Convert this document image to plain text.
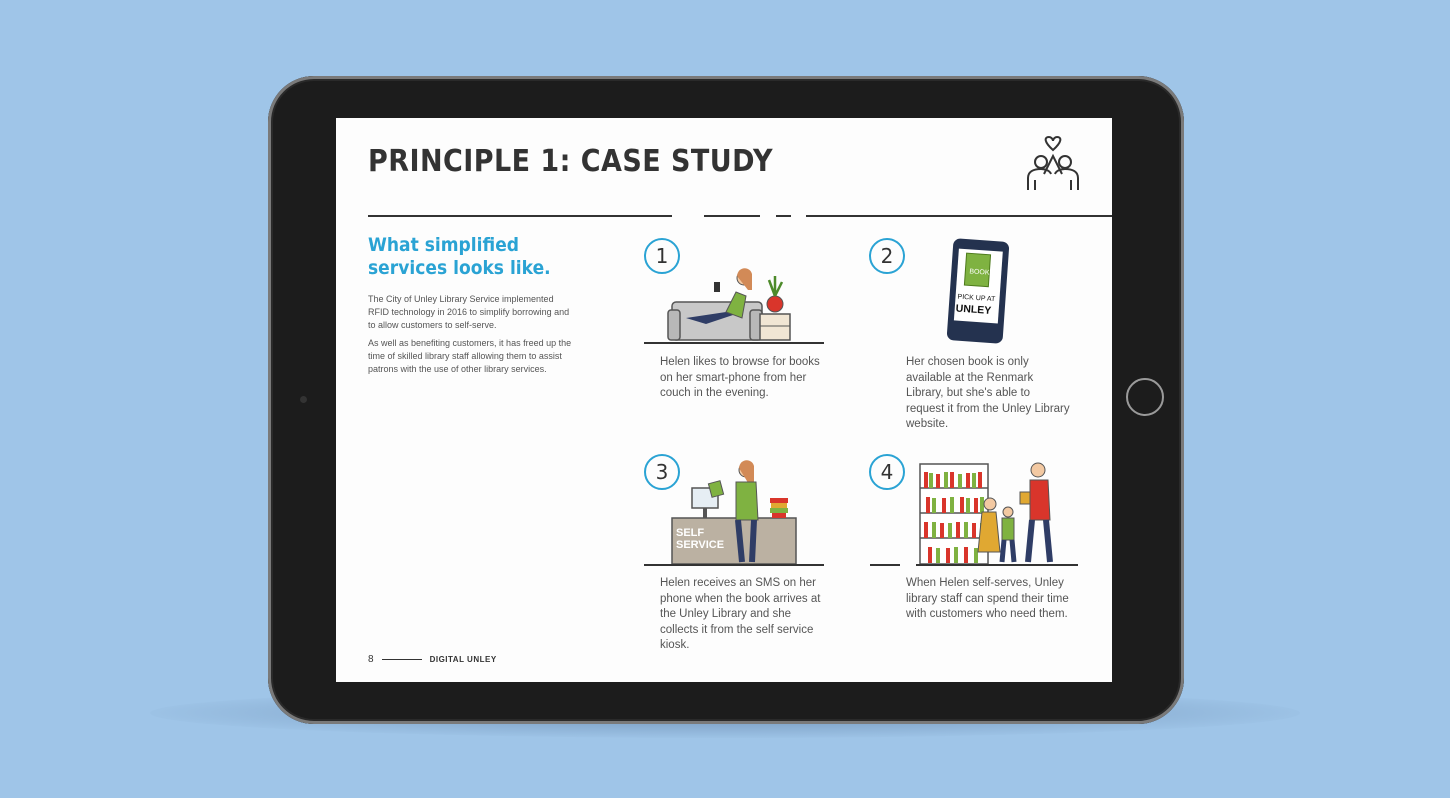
PRINCIPLE 1: CASE STUDY
What simplified
services looks like.

The City of Unley Library Service implemented RFID technology in 2016 to simplify borrowing and to allow customers to self-serve.

As well as benefiting customers, it has freed up the time of skilled library staff allowing them to assist patrons with the use of other library services.

1
Helen likes to browse for books on her smart-phone from her couch in the evening.
2
BOOK
PICK UP AT
UNLEY
Her chosen book is only available at the Renmark Library, but she's able to request it from the Unley Library website.
3
SELF
SERVICE
Helen receives an SMS on her phone when the book arrives at the Unley Library and she collects it from the self service kiosk.
4
When Helen self-serves, Unley library staff can spend their time with customers who need them.
8	DIGITAL UNLEY
